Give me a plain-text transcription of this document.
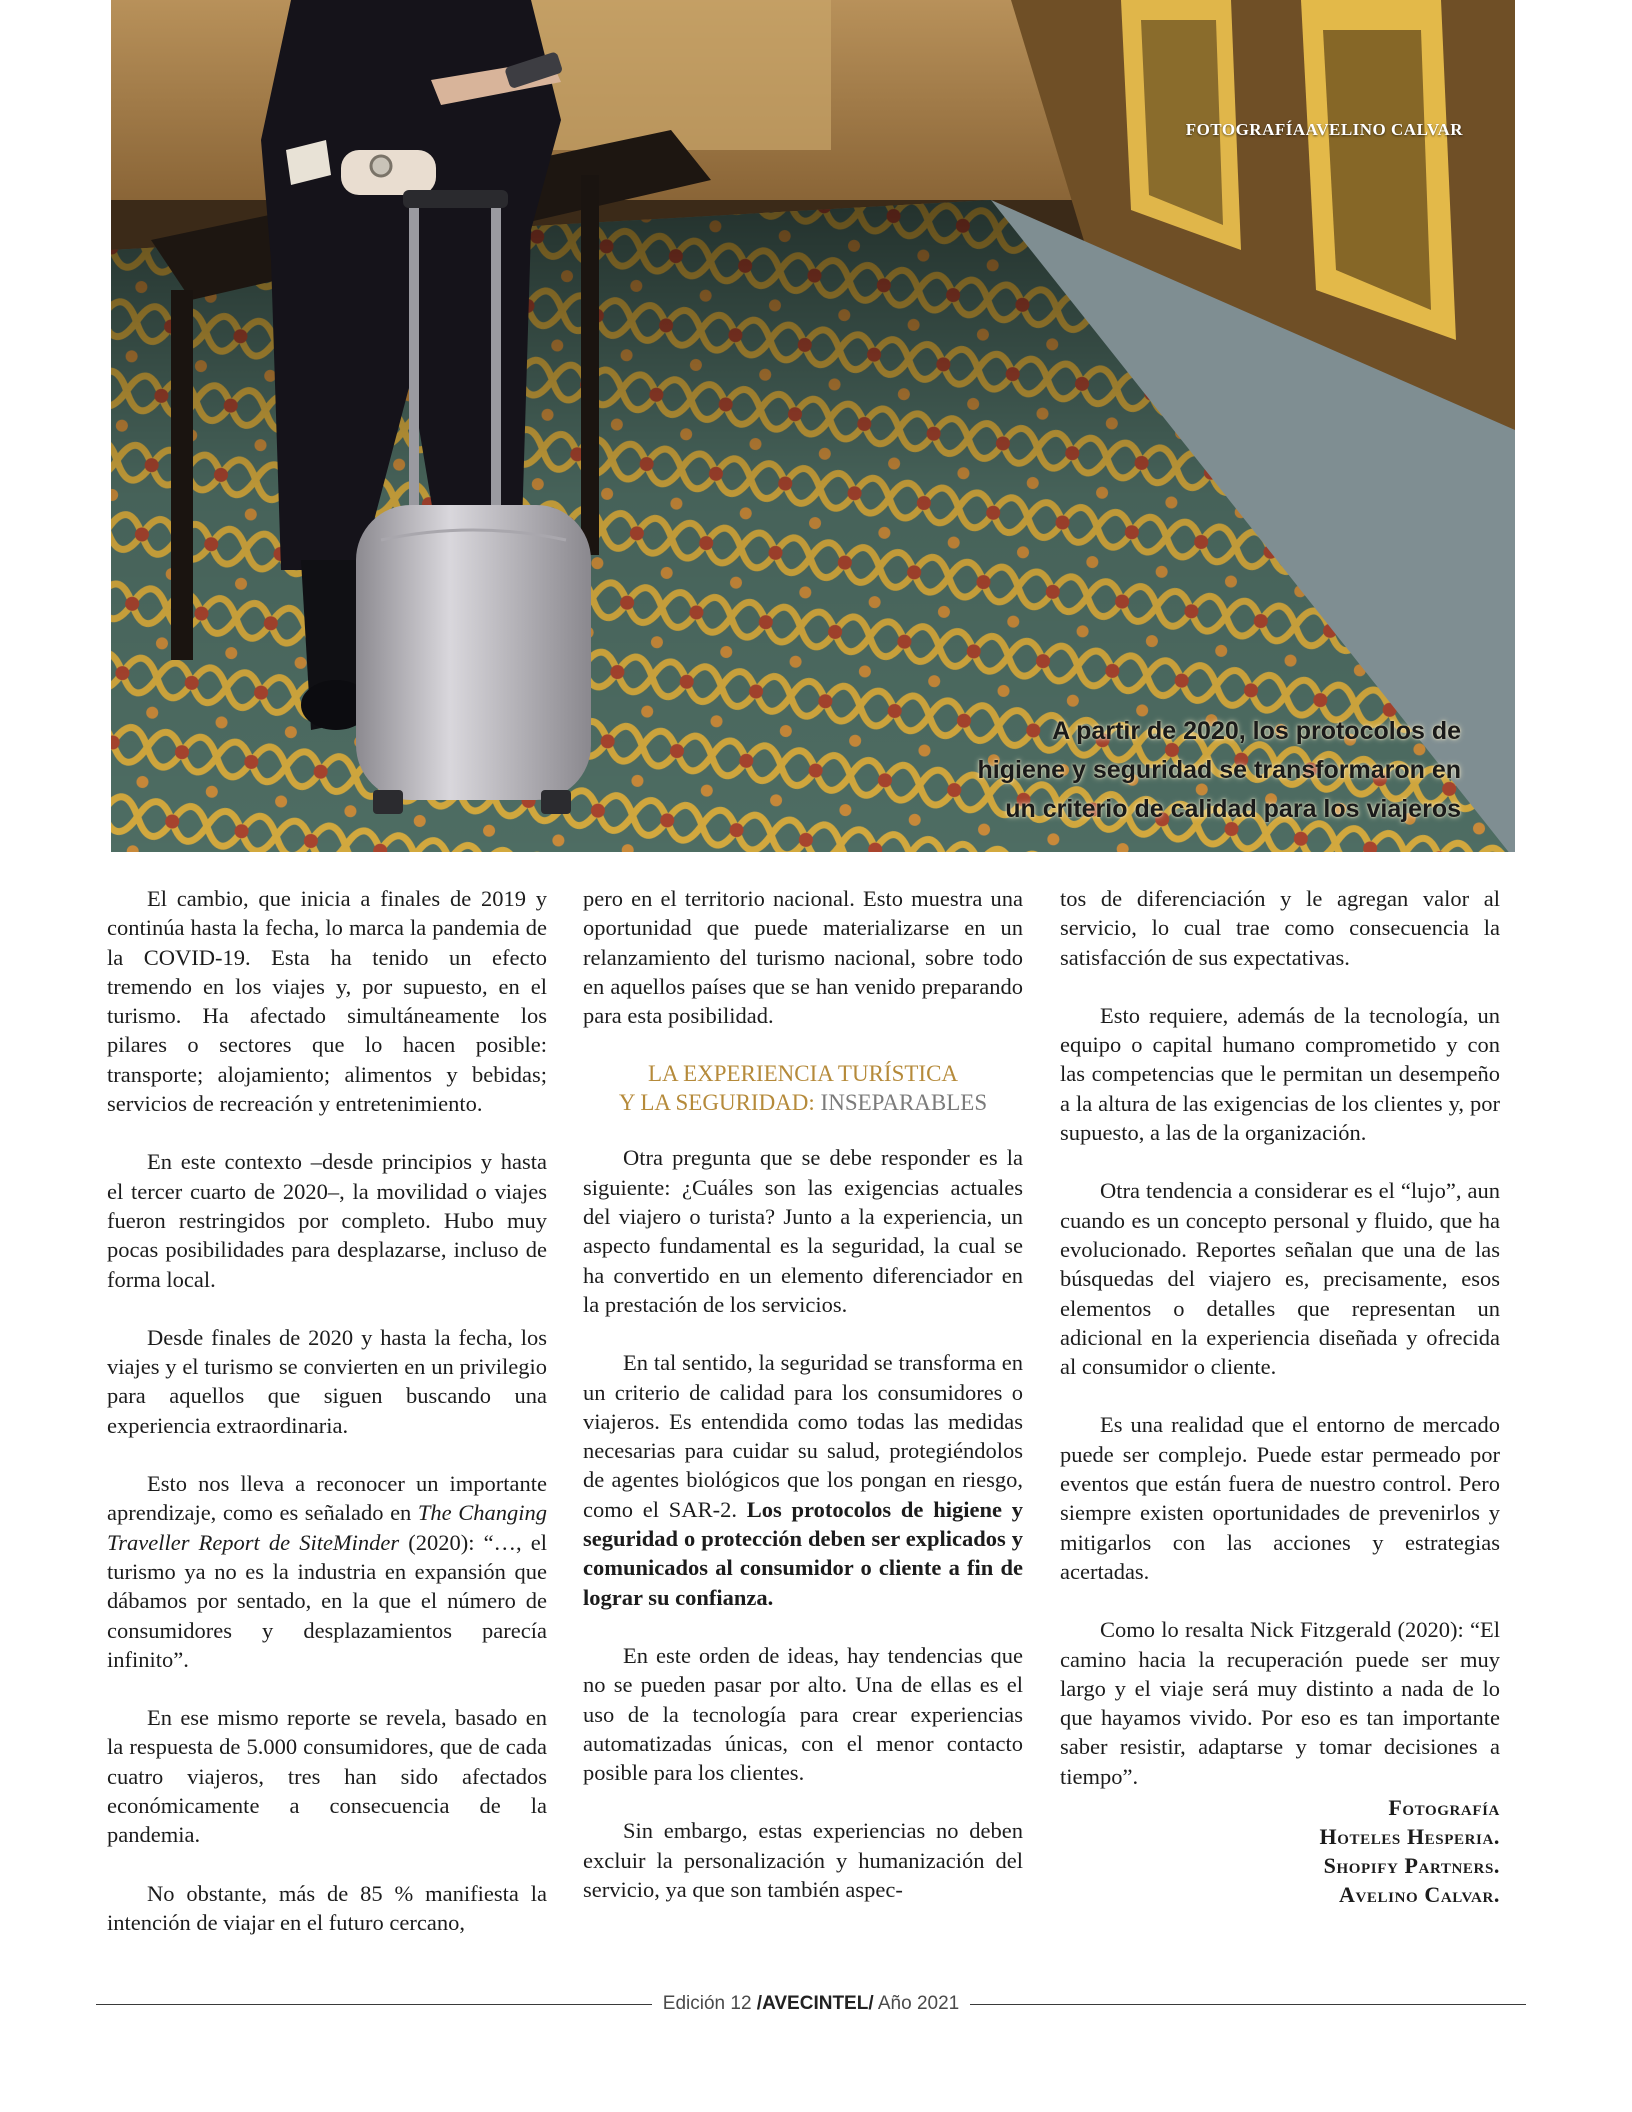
FOTOGRAFÍAAVELINO CALVAR
A partir de 2020, los protocolos de
higiene y seguridad se transformaron en
un criterio de calidad para los viajeros

El cambio, que inicia a finales de 2019 y continúa hasta la fecha, lo marca la pandemia de la COVID-19. Esta ha tenido un efecto tremendo en los viajes y, por supuesto, en el turismo. Ha afectado simultáneamente los pilares o sectores que lo hacen posible: transporte; alojamiento; alimentos y bebidas; servicios de recreación y entretenimiento.

En este contexto –desde principios y hasta el tercer cuarto de 2020–, la movilidad o viajes fueron restringidos por completo. Hubo muy pocas posibilidades para desplazarse, incluso de forma local.

Desde finales de 2020 y hasta la fecha, los viajes y el turismo se convierten en un privilegio para aquellos que siguen buscando una experiencia extraordinaria.

Esto nos lleva a reconocer un importante aprendizaje, como es señalado en The Changing Traveller Report de SiteMinder (2020): “…, el turismo ya no es la industria en expansión que dábamos por sentado, en la que el número de consumidores y desplazamientos parecía infinito”.

En ese mismo reporte se revela, basado en la respuesta de 5.000 consumidores, que de cada cuatro viajeros, tres han sido afectados económicamente a consecuencia de la pandemia.

No obstante, más de 85 % manifiesta la intención de viajar en el futuro cercano,

pero en el territorio nacional. Esto muestra una oportunidad que puede materializarse en un relanzamiento del turismo nacional, sobre todo en aquellos países que se han venido preparando para esta posibilidad.

LA EXPERIENCIA TURÍSTICA
Y LA SEGURIDAD: INSEPARABLES

Otra pregunta que se debe responder es la siguiente: ¿Cuáles son las exigencias actuales del viajero o turista? Junto a la experiencia, un aspecto fundamental es la seguridad, la cual se ha convertido en un elemento diferenciador en la prestación de los servicios.

En tal sentido, la seguridad se transforma en un criterio de calidad para los consumidores o viajeros. Es entendida como todas las medidas necesarias para cuidar su salud, protegiéndolos de agentes biológicos que los pongan en riesgo, como el SAR-2. Los protocolos de higiene y seguridad o protección deben ser explicados y comunicados al consumidor o cliente a fin de lograr su confianza.

En este orden de ideas, hay tendencias que no se pueden pasar por alto. Una de ellas es el uso de la tecnología para crear experiencias automatizadas únicas, con el menor contacto posible para los clientes.

Sin embargo, estas experiencias no deben excluir la personalización y humanización del servicio, ya que son también aspec-

tos de diferenciación y le agregan valor al servicio, lo cual trae como consecuencia la satisfacción de sus expectativas.

Esto requiere, además de la tecnología, un equipo o capital humano comprometido y con las competencias que le permitan un desempeño a la altura de las exigencias de los clientes y, por supuesto, a las de la organización.

Otra tendencia a considerar es el “lujo”, aun cuando es un concepto personal y fluido, que ha evolucionado. Reportes señalan que una de las búsquedas del viajero es, precisamente, esos elementos o detalles que representan un adicional en la experiencia diseñada y ofrecida al consumidor o cliente.

Es una realidad que el entorno de mercado puede ser complejo. Puede estar permeado por eventos que están fuera de nuestro control. Pero siempre existen oportunidades de prevenirlos y mitigarlos con las acciones y estrategias acertadas.

Como lo resalta Nick Fitzgerald (2020): “El camino hacia la recuperación puede ser muy largo y el viaje será muy distinto a nada de lo que hayamos vivido. Por eso es tan importante saber resistir, adaptarse y tomar decisiones a tiempo”.

Fotografía
Hoteles Hesperia.
Shopify Partners.
Avelino Calvar.
Edición 12 /AVECINTEL/ Año 2021
